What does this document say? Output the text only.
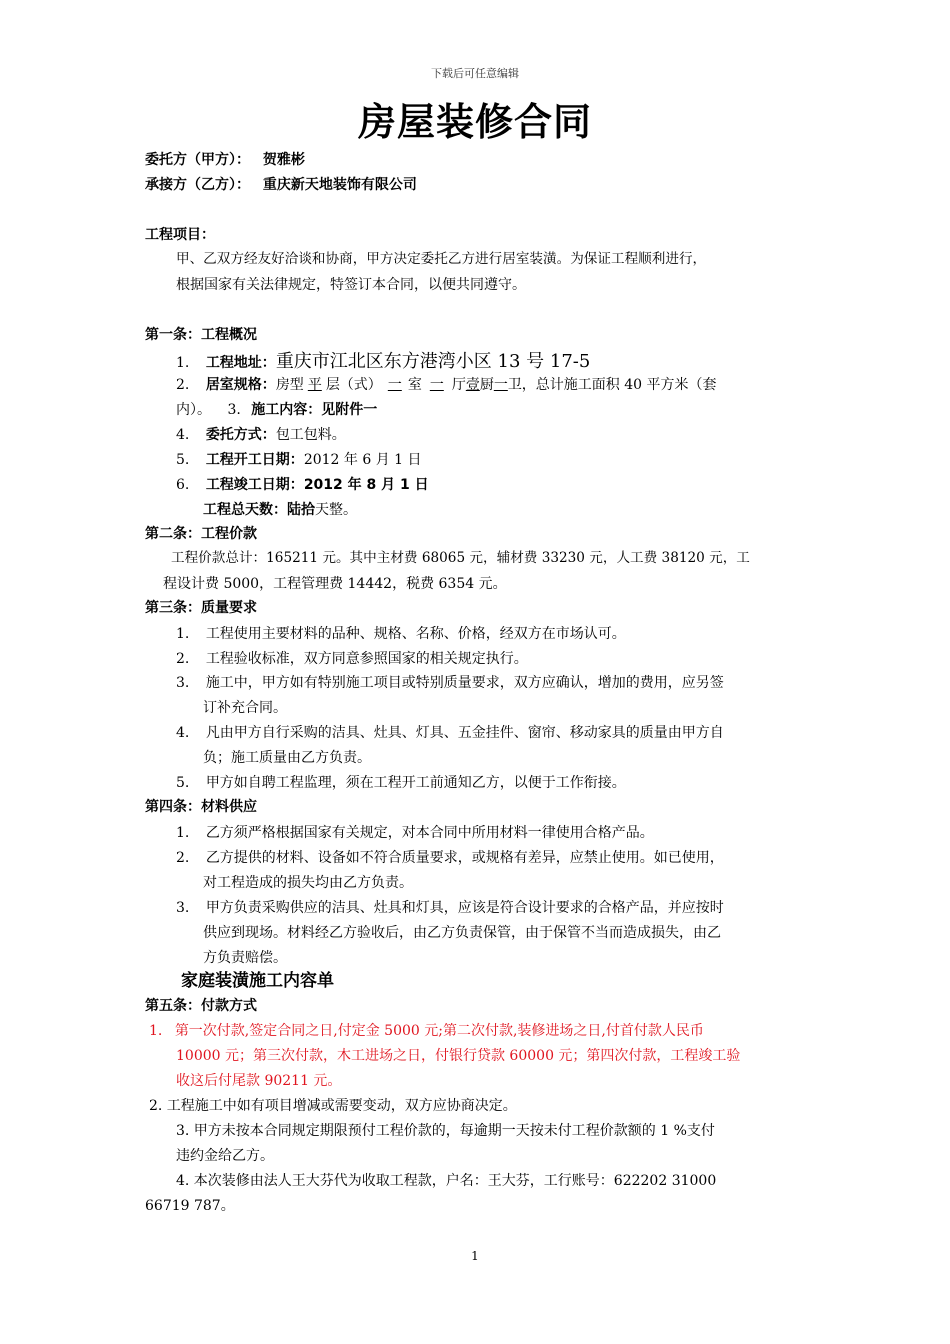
下载后可任意编辑
房屋装修合同
委托方（甲方）： 贺雅彬
承接方（乙方）： 重庆新天地装饰有限公司
工程项目：
甲、乙双方经友好洽谈和协商，甲方决定委托乙方进行居室装潢。为保证工程顺利进行，
根据国家有关法律规定，特签订本合同，以便共同遵守。
第一条：工程概况
1. 工程地址：重庆市江北区东方港湾小区 13 号 17-5
2. 居室规格：房型 平 层（式） 一 室 一 厅壹厨一卫，总计施工面积 40 平方米（套
内）。 3. 施工内容：见附件一
4. 委托方式：包工包料。
5. 工程开工日期：2012 年 6 月 1 日
6. 工程竣工日期：2012 年 8 月 1 日
工程总天数：陆拾天整。
第二条：工程价款
工程价款总计：165211 元。其中主材费 68065 元，辅材费 33230 元，人工费 38120 元，工
程设计费 5000，工程管理费 14442，税费 6354 元。
第三条：质量要求
1. 工程使用主要材料的品种、规格、名称、价格，经双方在市场认可。
2. 工程验收标准，双方同意参照国家的相关规定执行。
3. 施工中，甲方如有特别施工项目或特别质量要求，双方应确认，增加的费用，应另签
订补充合同。
4. 凡由甲方自行采购的洁具、灶具、灯具、五金挂件、窗帘、移动家具的质量由甲方自
负；施工质量由乙方负责。
5. 甲方如自聘工程监理，须在工程开工前通知乙方，以便于工作衔接。
第四条：材料供应
1. 乙方须严格根据国家有关规定，对本合同中所用材料一律使用合格产品。
2. 乙方提供的材料、设备如不符合质量要求，或规格有差异，应禁止使用。如已使用，
对工程造成的损失均由乙方负责。
3. 甲方负责采购供应的洁具、灶具和灯具，应该是符合设计要求的合格产品，并应按时
供应到现场。材料经乙方验收后，由乙方负责保管，由于保管不当而造成损失，由乙
方负责赔偿。
家庭装潢施工内容单
第五条：付款方式
1. 第一次付款,签定合同之日,付定金 5000 元;第二次付款,装修进场之日,付首付款人民币
10000 元；第三次付款，木工进场之日，付银行贷款 60000 元；第四次付款，工程竣工验
收这后付尾款 90211 元。
2. 工程施工中如有项目增减或需要变动，双方应协商决定。
3. 甲方未按本合同规定期限预付工程价款的，每逾期一天按未付工程价款额的 1 %支付
违约金给乙方。
4. 本次装修由法人王大芬代为收取工程款，户名：王大芬，工行账号：622202 31000
66719 787。
1
